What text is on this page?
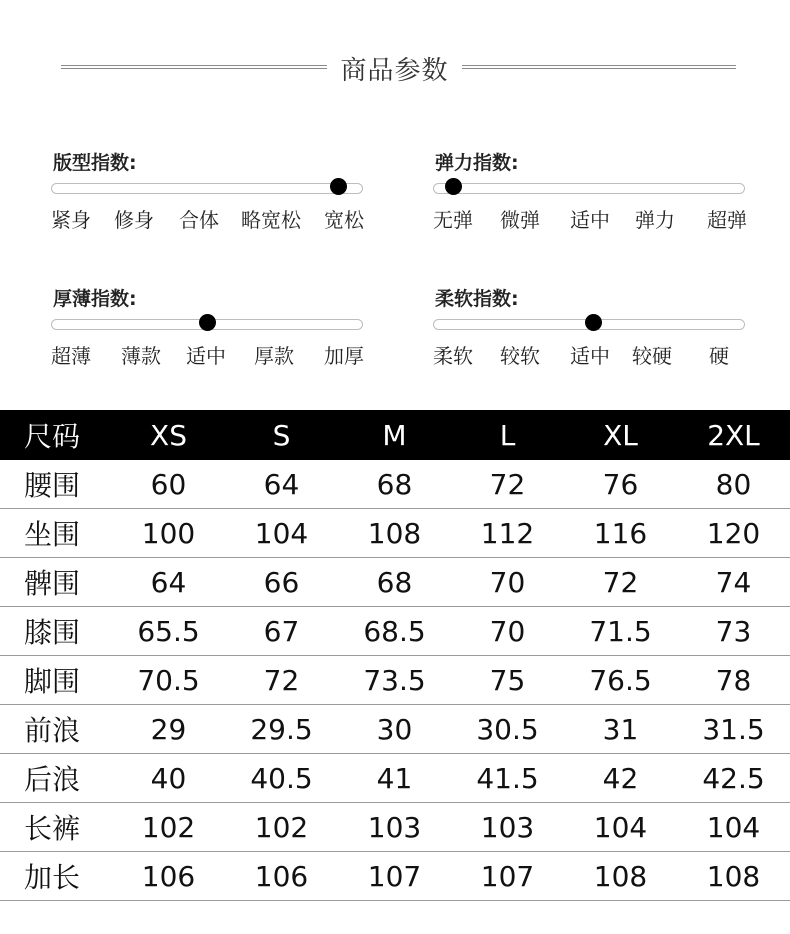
商品参数
版型指数:
紧身 修身 合体 略宽松 宽松
弹力指数:
无弹 微弹 适中 弹力 超弹
厚薄指数:
超薄 薄款 适中 厚款 加厚
柔软指数:
柔软 较软 适中 较硬 硬
尺码	XS	S	M	L	XL	2XL
腰围	60	64	68	72	76	80
坐围	100	104	108	112	116	120
髀围	64	66	68	70	72	74
膝围	65.5	67	68.5	70	71.5	73
脚围	70.5	72	73.5	75	76.5	78
前浪	29	29.5	30	30.5	31	31.5
后浪	40	40.5	41	41.5	42	42.5
长裤	102	102	103	103	104	104
加长	106	106	107	107	108	108
